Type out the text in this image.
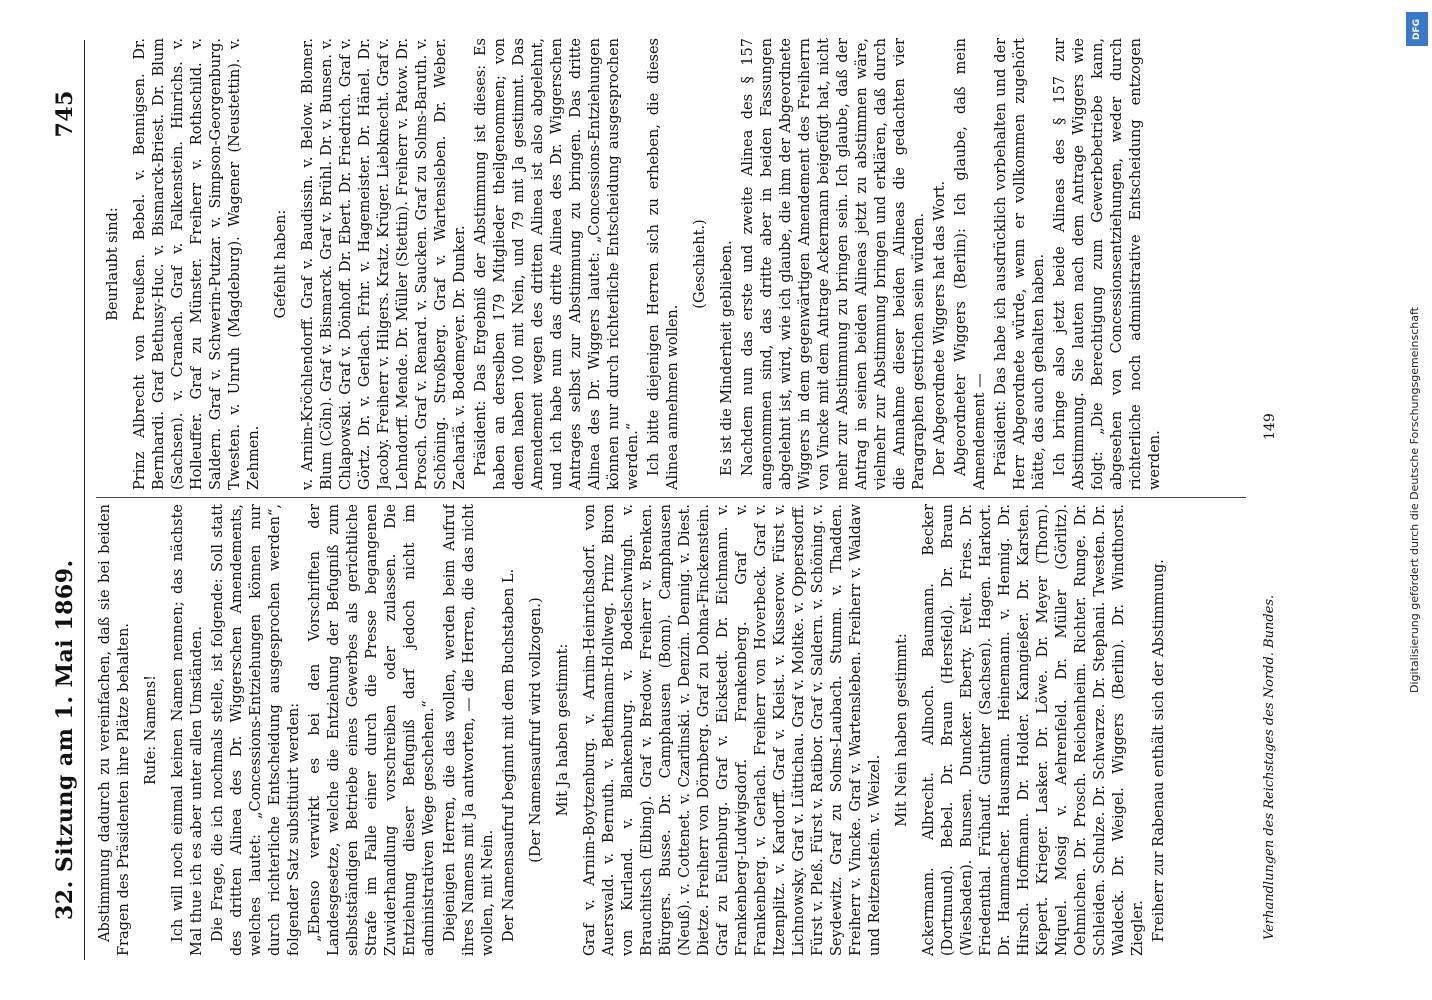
32. Sitzung am 1. Mai 1869.
745

Abstimmung dadurch zu vereinfachen, daß sie bei beiden Fragen des Präsidenten ihre Plätze behalten. Rufe: Namens! Ich will noch einmal keinen Namen nennen; das nächste Mal thue ich es aber unter allen Umständen. Die Frage, die ich nochmals stelle, ist folgende: Soll statt des dritten Alinea des Dr. Wiggerschen Amendements, welches lautet: „Concessions-Entziehungen können nur durch richterliche Entscheidung ausgesprochen werden“, folgender Satz substituirt werden: „Ebenso verwirkt es bei den Vorschriften der Landesgesetze, welche die Entziehung der Befugniß zum selbstständigen Betriebe eines Gewerbes als gerichtliche Strafe im Falle einer durch die Presse begangenen Zuwiderhandlung vorschreiben oder zulassen. Die Entziehung dieser Befugniß darf jedoch nicht im administrativen Wege geschehen.“ Diejenigen Herren, die das wollen, werden beim Aufruf ihres Namens mit Ja antworten, — die Herren, die das nicht wollen, mit Nein. Der Namensaufruf beginnt mit dem Buchstaben L. (Der Namensaufruf wird vollzogen.) Mit Ja haben gestimmt: Graf v. Arnim-Boytzenburg. v. Arnim-Heinrichsdorf. von Auerswald. v. Bernuth. v. Bethmann-Hollweg. Prinz Biron von Kurland. v. Blankenburg. v. Bodelschwingh. v. Brauchitsch (Elbing). Graf v. Bredow. Freiherr v. Brenken. Bürgers. Busse. Dr. Camphausen (Bonn). Camphausen (Neuß). v. Cottenet. v. Czarlinski. v. Denzin. Dennig. v. Diest. Dietze. Freiherr von Dörnberg. Graf zu Dohna-Finckenstein. Graf zu Eulenburg. Graf v. Eickstedt. Dr. Eichmann. v. Frankenberg-Ludwigsdorf. Frankenberg. Graf v. Frankenberg. v. Gerlach. Freiherr von Hoverbeck. Graf v. Itzenplitz. v. Kardorff. Graf v. Kleist. v. Kusserow. Fürst v. Lichnowsky. Graf v. Lüttichau. Graf v. Moltke. v. Oppersdorff. Fürst v. Pleß. Fürst v. Ratibor. Graf v. Saldern. v. Schöning. v. Seydewitz. Graf zu Solms-Laubach. Stumm. v. Thadden. Freiherr v. Vincke. Graf v. Wartensleben. Freiherr v. Waldaw und Reitzenstein. v. Weizel.

Mit Nein haben gestimmt: Ackermann. Albrecht. Allnoch. Baumann. Becker (Dortmund). Bebel. Dr. Braun (Hersfeld). Dr. Braun (Wiesbaden). Bunsen. Duncker. Eberty. Evelt. Fries. Dr. Friedenthal. Frühauf. Günther (Sachsen). Hagen. Harkort. Dr. Hammacher. Hausmann. Heinemann. v. Hennig. Dr. Hirsch. Hoffmann. Dr. Holder. Kanngießer. Dr. Karsten. Kiepert. Krieger. Lasker. Dr. Löwe. Dr. Meyer (Thorn). Miquel. Mosig v. Aehrenfeld. Dr. Müller (Görlitz). Oehmichen. Dr. Prosch. Reichenheim. Richter. Runge. Dr. Schleiden. Schulze. Dr. Schwarze. Dr. Stephani. Twesten. Dr. Waldeck. Dr. Weigel. Wiggers (Berlin). Dr. Windthorst. Ziegler. Freiherr zur Rabenau enthält sich der Abstimmung.

Beurlaubt sind: Prinz Albrecht von Preußen. Bebel. v. Bennigsen. Dr. Bernhardi. Graf Bethusy-Huc. v. Bismarck-Briest. Dr. Blum (Sachsen). v. Cranach. Graf v. Falkenstein. Hinrichs. v. Holleuffer. Graf zu Münster. Freiherr v. Rothschild. v. Saldern. Graf v. Schwerin-Putzar. v. Simpson-Georgenburg. Twesten. v. Unruh (Magdeburg). Wagener (Neustettin). v. Zehmen.

Gefehlt haben: v. Arnim-Kröchlendorff. Graf v. Baudissin. v. Below. Blomer. Blum (Cöln). Graf v. Bismarck. Graf v. Brühl. Dr. v. Bunsen. v. Chlapowski. Graf v. Dönhoff. Dr. Ebert. Dr. Friedrich. Graf v. Görtz. Dr. v. Gerlach. Frhr. v. Hagemeister. Dr. Hänel. Dr. Jacoby. Freiherr v. Hilgers. Kratz. Krüger. Liebknecht. Graf v. Lehndorff. Mende. Dr. Müller (Stettin). Freiherr v. Patow. Dr. Prosch. Graf v. Renard. v. Saucken. Graf zu Solms-Baruth. v. Schöning. Stroßberg. Graf v. Wartensleben. Dr. Weber. Zachariä. v. Bodemeyer. Dr. Dunker. Präsident: Das Ergebniß der Abstimmung ist dieses: Es haben an derselben 179 Mitglieder theilgenommen; von denen haben 100 mit Nein, und 79 mit Ja gestimmt. Das Amendement wegen des dritten Alinea ist also abgelehnt, und ich habe nun das dritte Alinea des Dr. Wiggerschen Antrages selbst zur Abstimmung zu bringen. Das dritte Alinea des Dr. Wiggers lautet: „Concessions-Entziehungen können nur durch richterliche Entscheidung ausgesprochen werden.“ Ich bitte diejenigen Herren sich zu erheben, die dieses Alinea annehmen wollen.

(Geschieht.) Es ist die Minderheit geblieben. Nachdem nun das erste und zweite Alinea des § 157 angenommen sind, das dritte aber in beiden Fassungen abgelehnt ist, wird, wie ich glaube, die ihm der Abgeordnete Wiggers in dem gegenwärtigen Amendement des Freiherrn von Vincke mit dem Antrage Ackermann beigefügt hat, nicht mehr zur Abstimmung zu bringen sein. Ich glaube, daß der Antrag in seinen beiden Alineas jetzt zu abstimmen wäre, vielmehr zur Abstimmung bringen und erklären, daß durch die Annahme dieser beiden Alineas die gedachten vier Paragraphen gestrichen sein würden. Der Abgeordnete Wiggers hat das Wort. Abgeordneter Wiggers (Berlin): Ich glaube, daß mein Amendement — Präsident: Das habe ich ausdrücklich vorbehalten und der Herr Abgeordnete würde, wenn er vollkommen zugehört hätte, das auch gehalten haben. Ich bringe also jetzt beide Alineas des § 157 zur Abstimmung. Sie lauten nach dem Antrage Wiggers wie folgt: „Die Berechtigung zum Gewerbebetriebe kann, abgesehen von Concessionsentziehungen, weder durch richterliche noch administrative Entscheidung entzogen werden.

Verhandlungen des Reichstages des Nordd. Bundes.
149
DFG
Digitalisierung gefördert durch die Deutsche Forschungsgemeinschaft
